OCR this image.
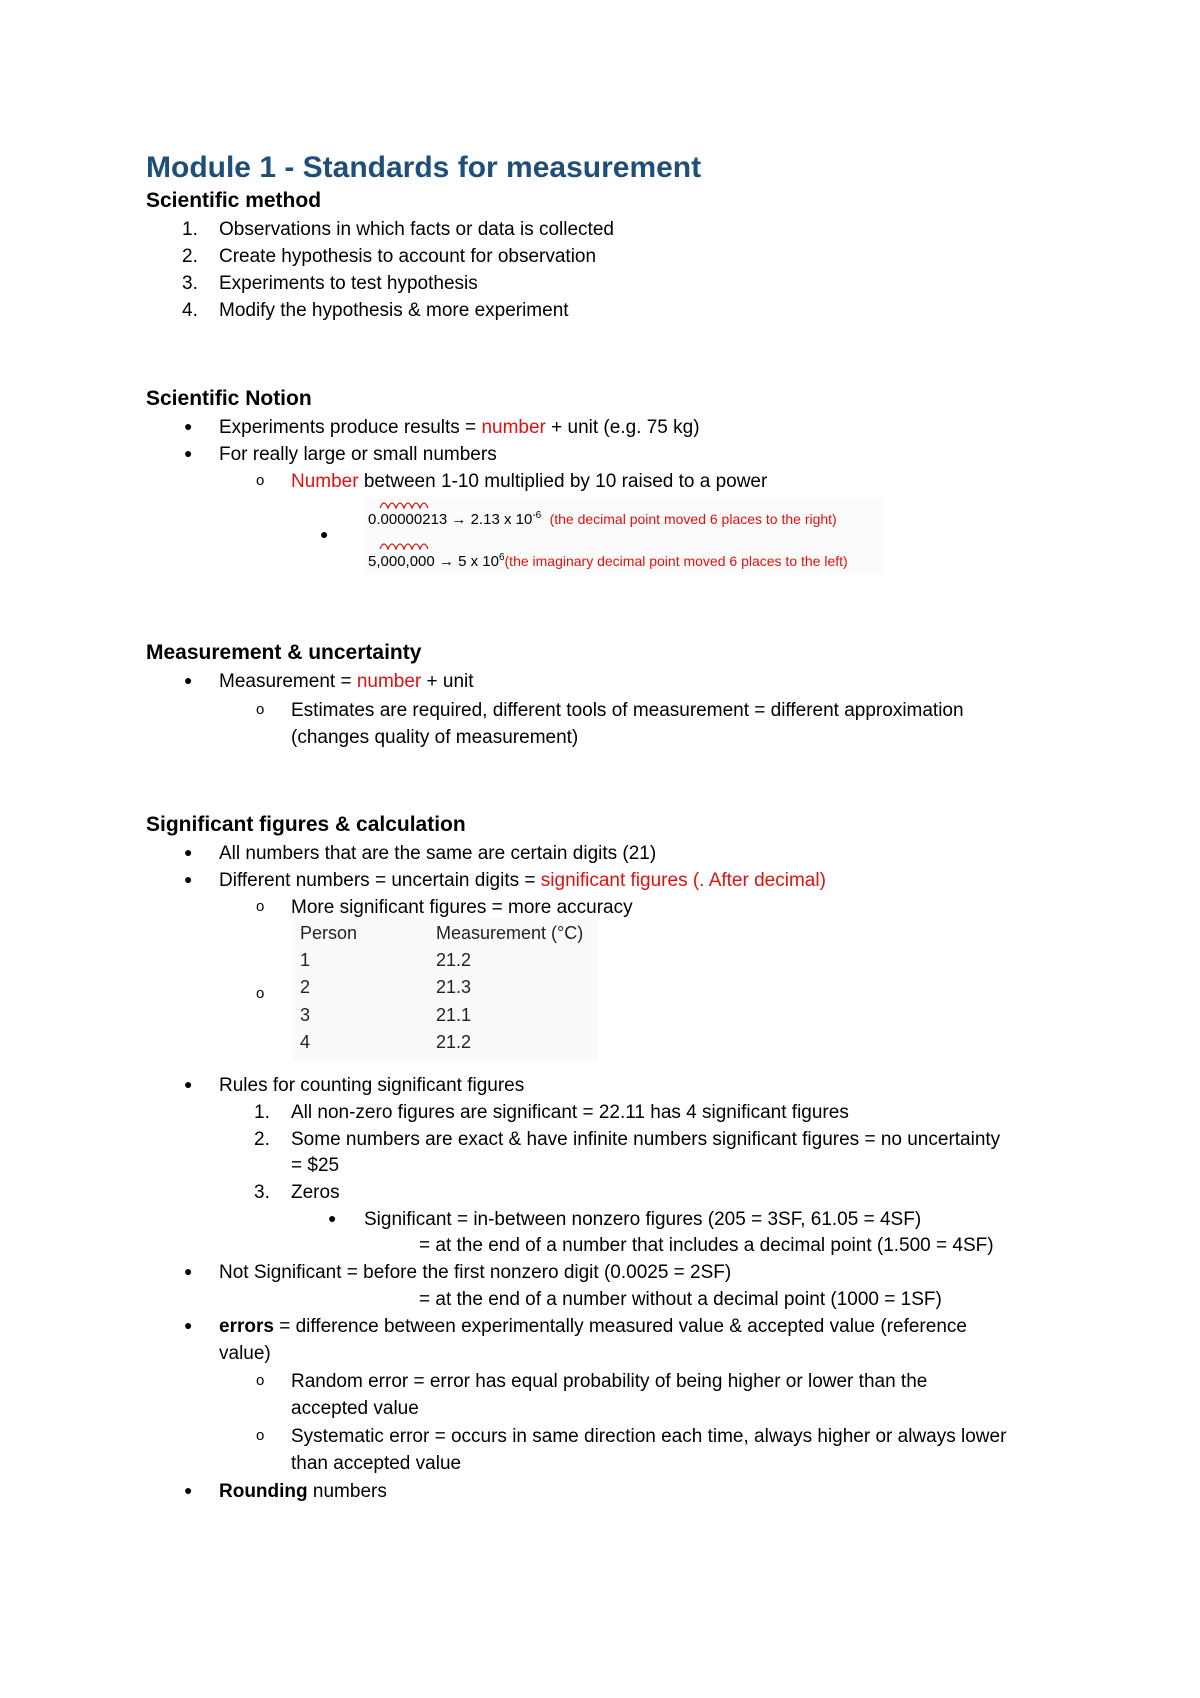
Module 1 - Standards for measurement
Scientific method
1. Observations in which facts or data is collected
2. Create hypothesis to account for observation
3. Experiments to test hypothesis
4. Modify the hypothesis & more experiment
Scientific Notion
● Experiments produce results = number + unit (e.g. 75 kg)
● For really large or small numbers
o Number between 1-10 multiplied by 10 raised to a power
●
0.00000213 → 2.13 x $10^{-6}$ (the decimal point moved 6 places to the right)
5,000,000 → 5 x $10^6(the$ imaginary decimal point moved 6 places to the left)
Measurement & uncertainty
● Measurement = number + unit
o Estimates are required, different tools of measurement = different approximation
(changes quality of measurement)
Significant figures & calculation
● All numbers that are the same are certain digits (21)
● Different numbers = uncertain digits = significant figures (. After decimal)
o More significant figures = more accuracy
o
Person	Measurement (°C)
1	21.2
2	21.3
3	21.1
4	21.2
● Rules for counting significant figures
1. All non-zero figures are significant = 22.11 has 4 significant figures
2. Some numbers are exact & have infinite numbers significant figures = no uncertainty
= $25
3. Zeros
● Significant = in-between nonzero figures (205 = 3SF, 61.05 = 4SF)
= at the end of a number that includes a decimal point (1.500 = 4SF)
● Not Significant = before the first nonzero digit (0.0025 = 2SF)
= at the end of a number without a decimal point (1000 = 1SF)
● errors = difference between experimentally measured value & accepted value (reference
value)
o Random error = error has equal probability of being higher or lower than the
accepted value
o Systematic error = occurs in same direction each time, always higher or always lower
than accepted value
● Rounding numbers
